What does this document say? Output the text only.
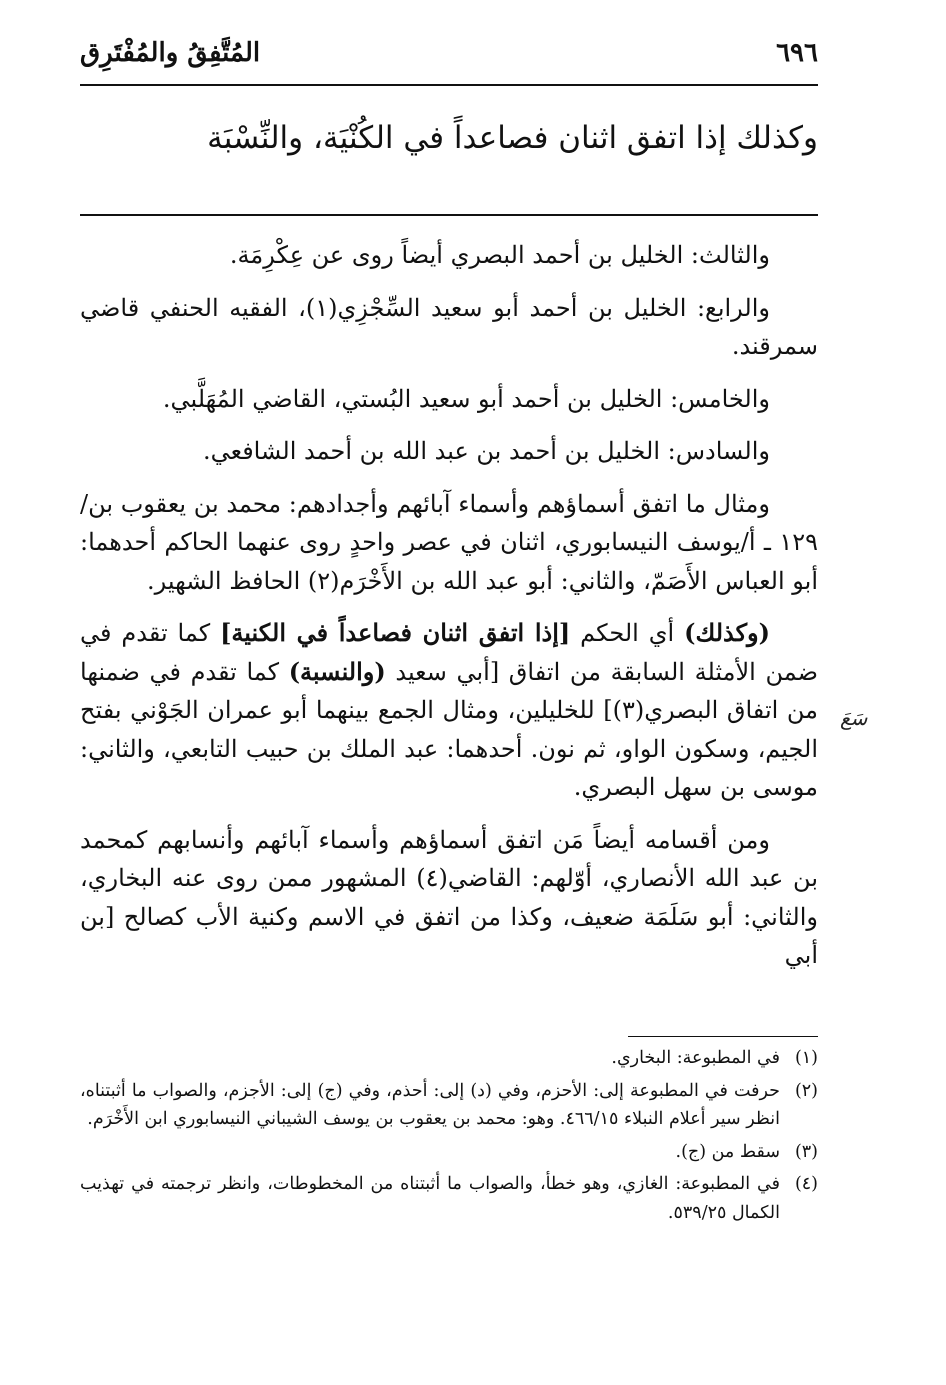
٦٩٦
المُتَّفِقُ والمُفْتَرِق
وكذلك إذا اتفق اثنان فصاعداً في الكُنْيَة، والنِّسْبَة

والثالث: الخليل بن أحمد البصري أيضاً روى عن عِكْرِمَة.

والرابع: الخليل بن أحمد أبو سعيد السِّجْزِي(١)، الفقيه الحنفي قاضي سمرقند.

والخامس: الخليل بن أحمد أبو سعيد البُستي، القاضي المُهَلَّبي.

والسادس: الخليل بن أحمد بن عبد الله بن أحمد الشافعي.

ومثال ما اتفق أسماؤهم وأسماء آبائهم وأجدادهم: محمد بن يعقوب بن/١٢٩ ـ أ/يوسف النيسابوري، اثنان في عصر واحدٍ روى عنهما الحاكم أحدهما: أبو العباس الأَصَمّ، والثاني: أبو عبد الله بن الأَخْرَم(٢) الحافظ الشهير.

(وكذلك) أي الحكم [إذا اتفق اثنان فصاعداً في الكنية] كما تقدم في ضمن الأمثلة السابقة من اتفاق [أبي سعيد (والنسبة) كما تقدم في ضمنها من اتفاق البصري(٣)] للخليلين، ومثال الجمع بينهما أبو عمران الجَوْني بفتح الجيم، وسكون الواو، ثم نون. أحدهما: عبد الملك بن حبيب التابعي، والثاني: موسى بن سهل البصري.

ومن أقسامه أيضاً مَن اتفق أسماؤهم وأسماء آبائهم وأنسابهم كمحمد بن عبد الله الأنصاري، أوّلهم: القاضي(٤) المشهور ممن روى عنه البخاري، والثاني: أبو سَلَمَة ضعيف، وكذا من اتفق في الاسم وكنية الأب كصالح [بن أبي

سَعَ
(١)
في المطبوعة: البخاري.
(٢)
حرفت في المطبوعة إلى: الأحزم، وفي (د) إلى: أحذم، وفي (ج) إلى: الأجزم، والصواب ما أثبتناه، انظر سير أعلام النبلاء ٤٦٦/١٥. وهو: محمد بن يعقوب بن يوسف الشيباني النيسابوري ابن الأَخْرَم.
(٣)
سقط من (ج).
(٤)
في المطبوعة: الغازي، وهو خطأ، والصواب ما أثبتناه من المخطوطات، وانظر ترجمته في تهذيب الكمال ٥٣٩/٢٥.
